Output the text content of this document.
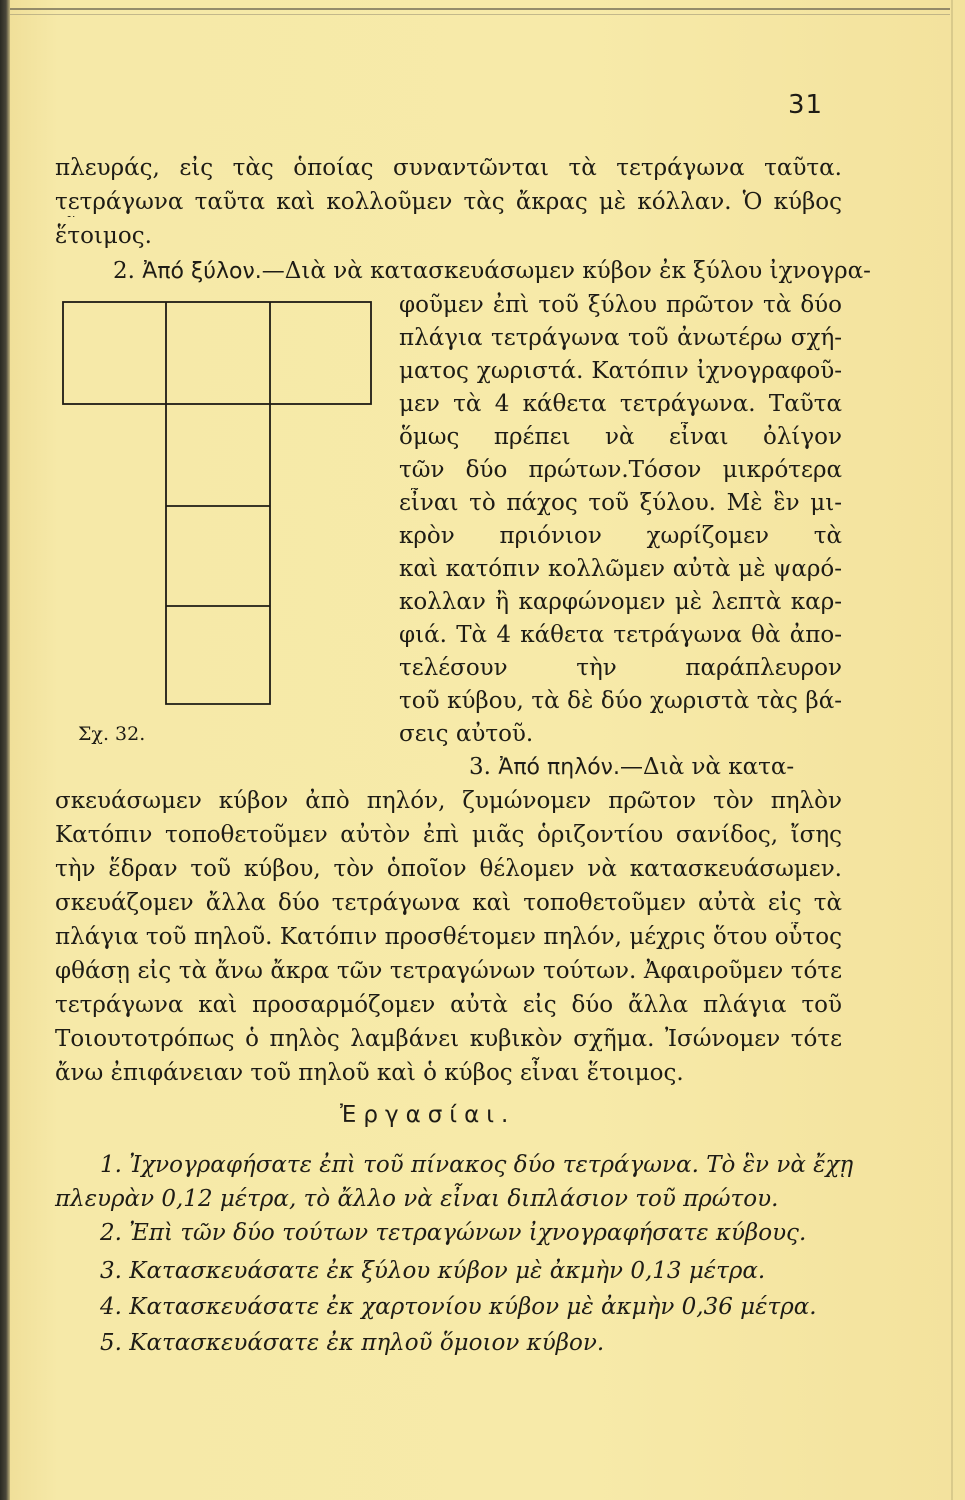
31
πλευράς, εἰς τὰς ὁποίας συναντῶνται τὰ τετράγωνα ταῦτα.
τετράγωνα ταῦτα καὶ κολλοῦμεν τὰς ἄκρας μὲ κόλλαν. Ὁ κύβος
ἕτοιμος.
2. Ἀπό ξύλον.—Διὰ νὰ κατασκευάσωμεν κύβον ἐκ ξύλου ἰχνογρα-
φοῦμεν ἐπὶ τοῦ ξύλου πρῶτον τὰ δύο
πλάγια τετράγωνα τοῦ ἀνωτέρω σχή-
ματος χωριστά. Κατόπιν ἰχνογραφοῦ-
μεν τὰ 4 κάθετα τετράγωνα. Ταῦτα
ὅμως πρέπει νὰ εἶναι ὀλίγον
τῶν δύο πρώτων.Τόσον μικρότερα
εἶναι τὸ πάχος τοῦ ξύλου. Μὲ ἓν μι-
κρὸν πριόνιον χωρίζομεν τὰ
καὶ κατόπιν κολλῶμεν αὐτὰ μὲ ψαρό-
κολλαν ἢ καρφώνομεν μὲ λεπτὰ καρ-
φιά. Τὰ 4 κάθετα τετράγωνα θὰ ἀπο-
τελέσουν τὴν παράπλευρον
τοῦ κύβου, τὰ δὲ δύο χωριστὰ τὰς βά-
σεις αὐτοῦ.
Σχ. 32.
3. Ἀπό πηλόν.—Διὰ νὰ κατα-
σκευάσωμεν κύβον ἀπὸ πηλόν, ζυμώνομεν πρῶτον τὸν πηλὸν
Κατόπιν τοποθετοῦμεν αὐτὸν ἐπὶ μιᾶς ὁριζοντίου σανίδος, ἴσης
τὴν ἕδραν τοῦ κύβου, τὸν ὁποῖον θέλομεν νὰ κατασκευάσωμεν.
σκευάζομεν ἄλλα δύο τετράγωνα καὶ τοποθετοῦμεν αὐτὰ εἰς τὰ
πλάγια τοῦ πηλοῦ. Κατόπιν προσθέτομεν πηλόν, μέχρις ὅτου οὗτος
φθάσῃ εἰς τὰ ἄνω ἄκρα τῶν τετραγώνων τούτων. Ἀφαιροῦμεν τότε
τετράγωνα καὶ προσαρμόζομεν αὐτὰ εἰς δύο ἄλλα πλάγια τοῦ
Τοιουτοτρόπως ὁ πηλὸς λαμβάνει κυβικὸν σχῆμα. Ἰσώνομεν τότε
ἄνω ἐπιφάνειαν τοῦ πηλοῦ καὶ ὁ κύβος εἶναι ἕτοιμος.
Ἐργασίαι.
1. Ἰχνογραφήσατε ἐπὶ τοῦ πίνακος δύο τετράγωνα. Τὸ ἓν νὰ ἔχῃ
πλευρὰν 0,12 μέτρα, τὸ ἄλλο νὰ εἶναι διπλάσιον τοῦ πρώτου.
2. Ἐπὶ τῶν δύο τούτων τετραγώνων ἰχνογραφήσατε κύβους.
3. Κατασκευάσατε ἐκ ξύλου κύβον μὲ ἀκμὴν 0,13 μέτρα.
4. Κατασκευάσατε ἐκ χαρτονίου κύβον μὲ ἀκμὴν 0,36 μέτρα.
5. Κατασκευάσατε ἐκ πηλοῦ ὅμοιον κύβον.
